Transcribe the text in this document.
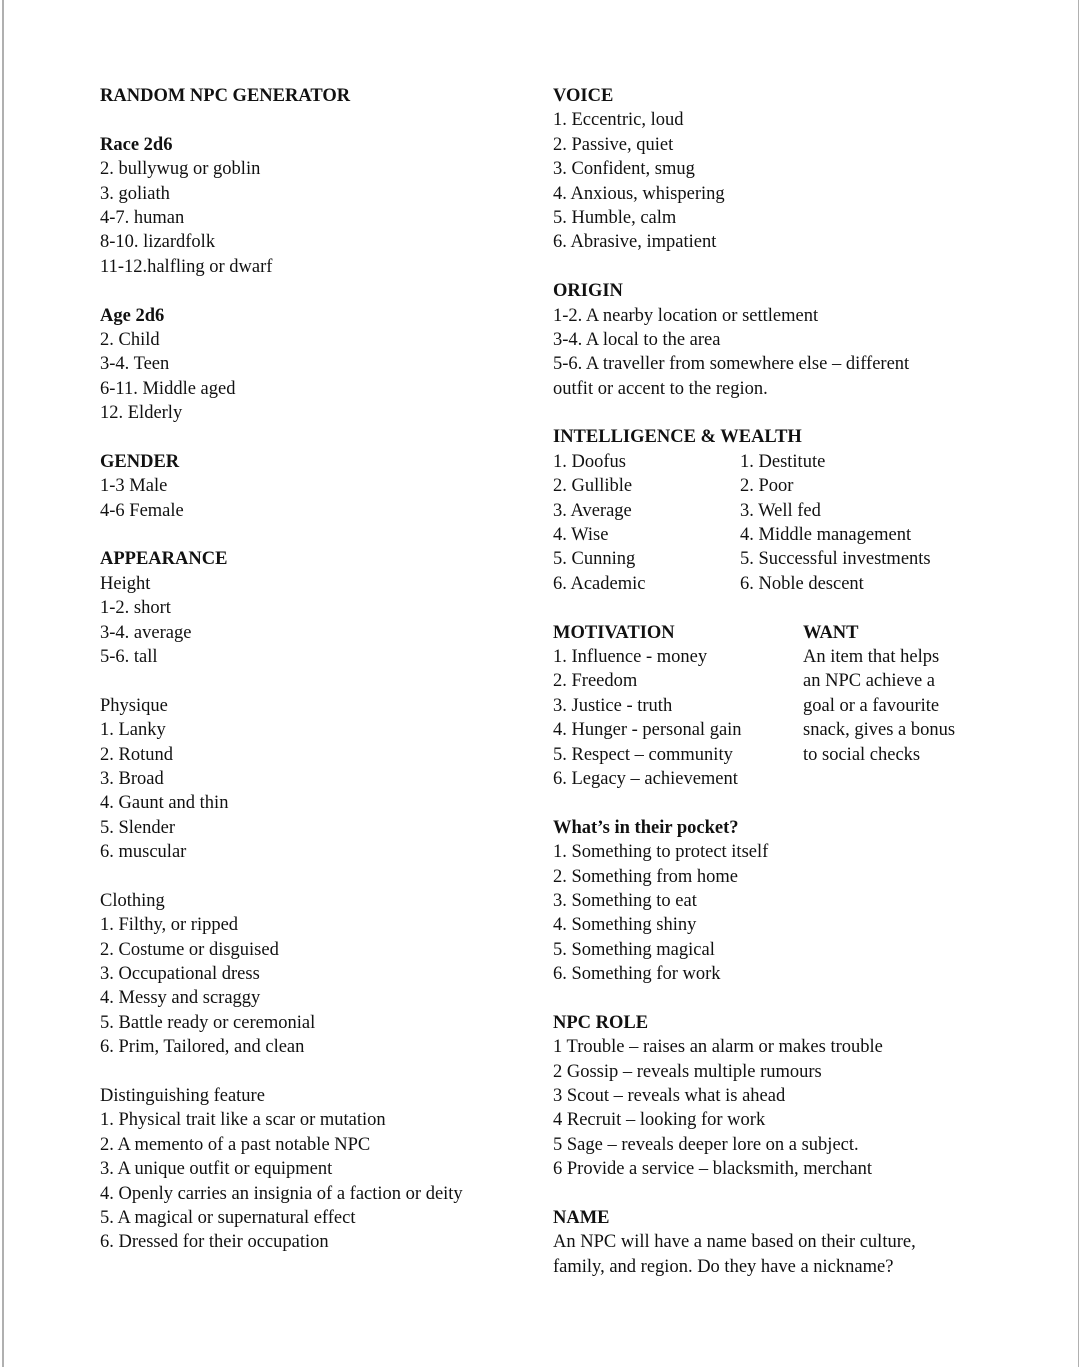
RANDOM NPC GENERATOR
Race 2d6
2. bullywug or goblin
3. goliath
4-7. human
8-10. lizardfolk
11-12.halfling or dwarf
Age 2d6
2. Child
3-4. Teen
6-11. Middle aged
12. Elderly
GENDER
1-3 Male
4-6 Female
APPEARANCE
Height
1-2. short
3-4. average
5-6. tall
Physique
1. Lanky
2. Rotund
3. Broad
4. Gaunt and thin
5. Slender
6. muscular
Clothing
1. Filthy, or ripped
2. Costume or disguised
3. Occupational dress
4. Messy and scraggy
5. Battle ready or ceremonial
6. Prim, Tailored, and clean
Distinguishing feature
1. Physical trait like a scar or mutation
2. A memento of a past notable NPC
3. A unique outfit or equipment
4. Openly carries an insignia of a faction or deity
5. A magical or supernatural effect
6. Dressed for their occupation
VOICE
1. Eccentric, loud
2. Passive, quiet
3. Confident, smug
4. Anxious, whispering
5. Humble, calm
6. Abrasive, impatient
ORIGIN
1-2. A nearby location or settlement
3-4. A local to the area
5-6. A traveller from somewhere else – different
outfit or accent to the region.
INTELLIGENCE & WEALTH
1. Doofus	1. Destitute
2. Gullible	2. Poor
3. Average	3. Well fed
4. Wise	4. Middle management
5. Cunning	5. Successful investments
6. Academic	6. Noble descent
MOTIVATION	WANT
1. Influence - money	An item that helps
2. Freedom	an NPC achieve a
3. Justice - truth	goal or a favourite
4. Hunger - personal gain	snack, gives a bonus
5. Respect – community	to social checks
6. Legacy – achievement
What’s in their pocket?
1. Something to protect itself
2. Something from home
3. Something to eat
4. Something shiny
5. Something magical
6. Something for work
NPC ROLE
1 Trouble – raises an alarm or makes trouble
2 Gossip – reveals multiple rumours
3 Scout – reveals what is ahead
4 Recruit – looking for work
5 Sage – reveals deeper lore on a subject.
6 Provide a service – blacksmith, merchant
NAME
An NPC will have a name based on their culture,
family, and region. Do they have a nickname?
